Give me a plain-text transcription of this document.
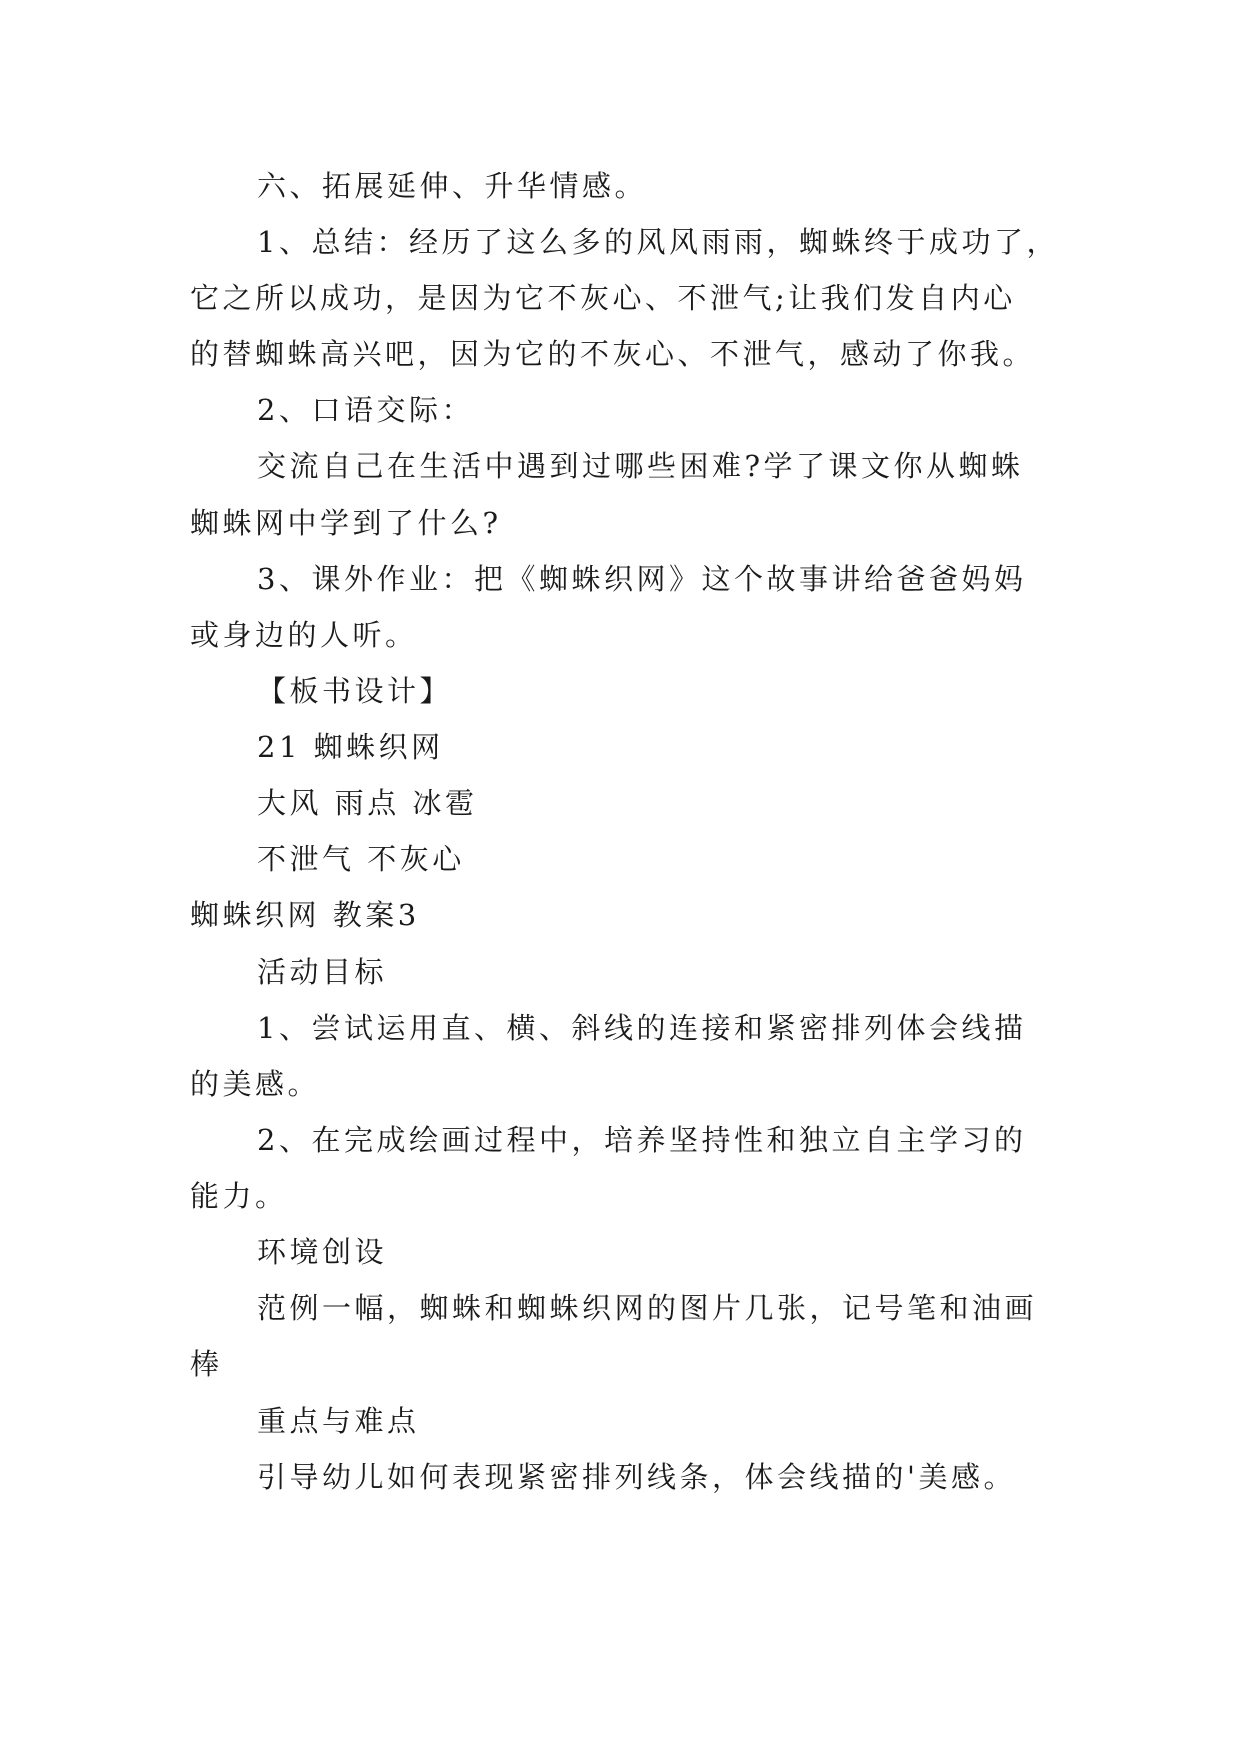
六、拓展延伸、升华情感。
1、总结：经历了这么多的风风雨雨，蜘蛛终于成功了，
它之所以成功，是因为它不灰心、不泄气;让我们发自内心
的替蜘蛛高兴吧，因为它的不灰心、不泄气，感动了你我。
2、口语交际：
交流自己在生活中遇到过哪些困难?学了课文你从蜘蛛
蜘蛛网中学到了什么?
3、课外作业：把《蜘蛛织网》这个故事讲给爸爸妈妈
或身边的人听。
【板书设计】
21 蜘蛛织网
大风 雨点 冰雹
不泄气 不灰心
蜘蛛织网 教案3
活动目标
1、尝试运用直、横、斜线的连接和紧密排列体会线描
的美感。
2、在完成绘画过程中，培养坚持性和独立自主学习的
能力。
环境创设
范例一幅，蜘蛛和蜘蛛织网的图片几张，记号笔和油画
棒
重点与难点
引导幼儿如何表现紧密排列线条，体会线描的'美感。
